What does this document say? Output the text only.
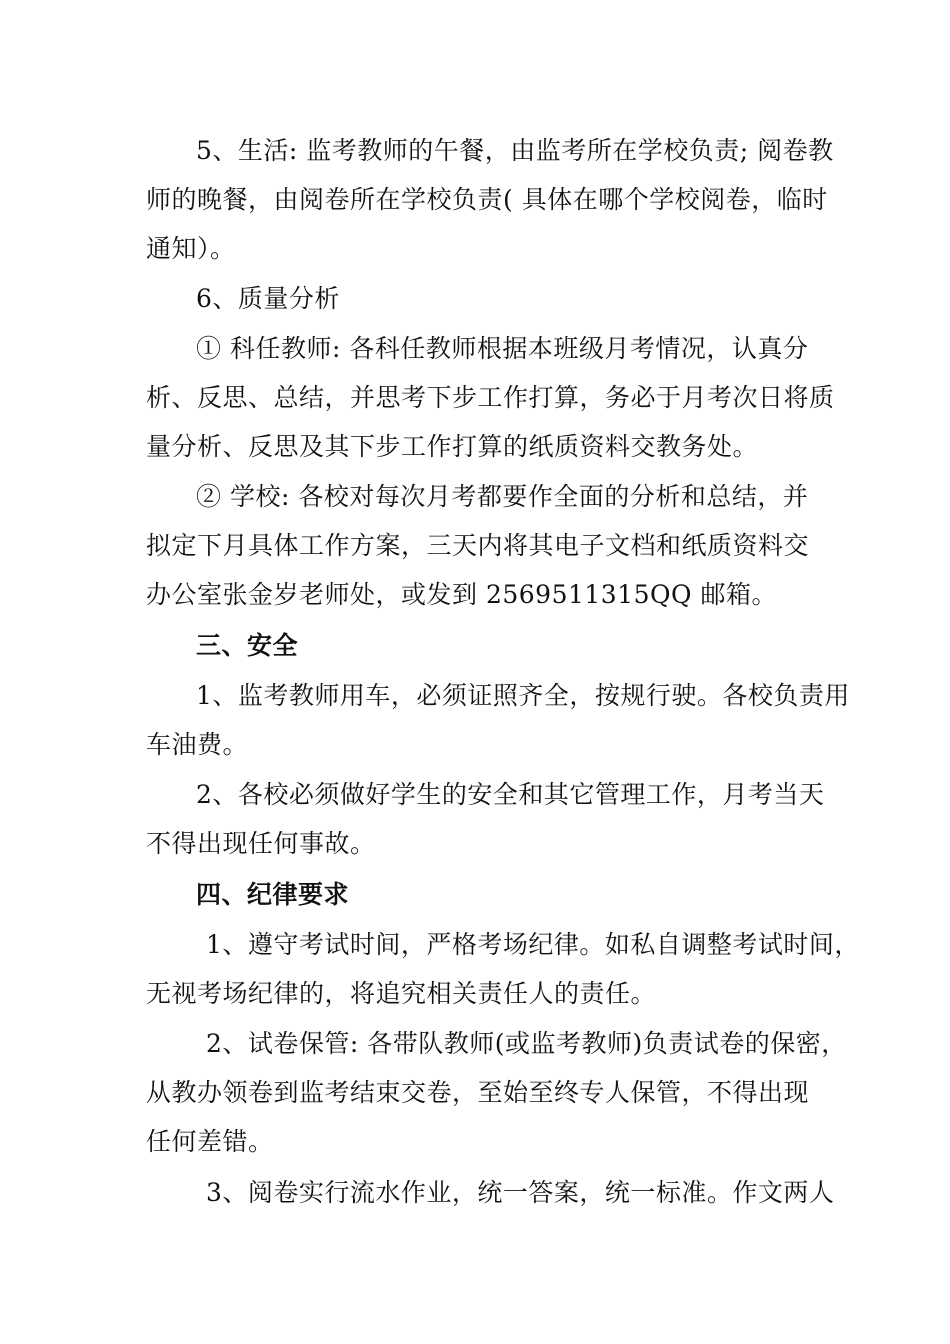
5、生活: 监考教师的午餐，由监考所在学校负责; 阅卷教
师的晚餐，由阅卷所在学校负责( 具体在哪个学校阅卷，临时
通知）。
6、质量分析
① 科任教师: 各科任教师根据本班级月考情况，认真分
析、反思、总结，并思考下步工作打算，务必于月考次日将质
量分析、反思及其下步工作打算的纸质资料交教务处。
② 学校: 各校对每次月考都要作全面的分析和总结，并
拟定下月具体工作方案，三天内将其电子文档和纸质资料交
办公室张金岁老师处，或发到 2569511315QQ 邮箱。
三、安全
1、监考教师用车，必须证照齐全，按规行驶。各校负责用
车油费。
2、各校必须做好学生的安全和其它管理工作，月考当天
不得出现任何事故。
四、纪律要求
1、遵守考试时间，严格考场纪律。如私自调整考试时间，
无视考场纪律的，将追究相关责任人的责任。
2、试卷保管: 各带队教师(或监考教师)负责试卷的保密，
从教办领卷到监考结束交卷，至始至终专人保管，不得出现
任何差错。
3、阅卷实行流水作业，统一答案，统一标准。作文两人
